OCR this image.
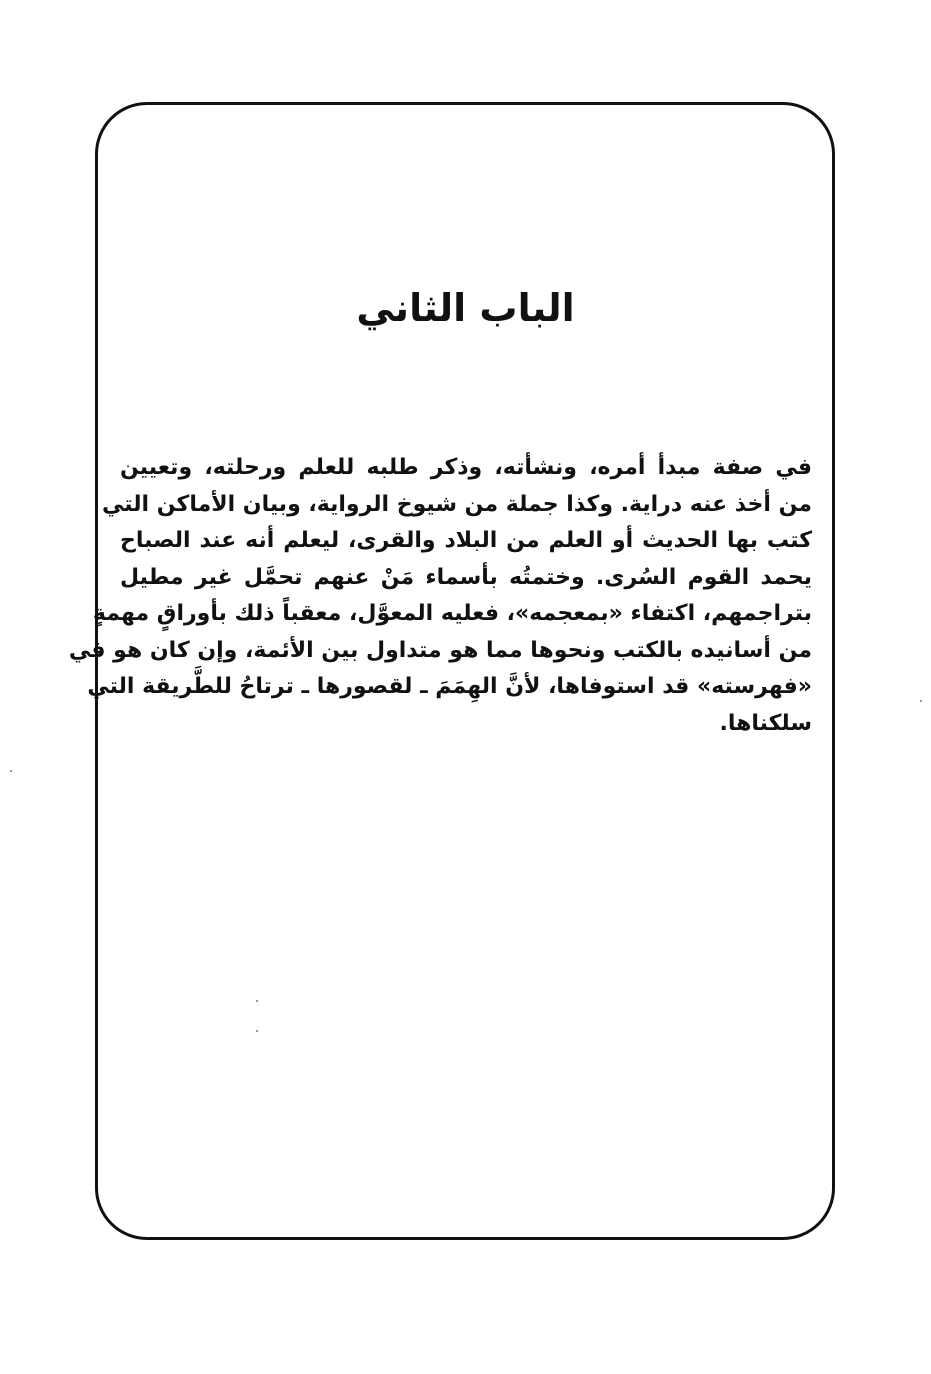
الباب الثاني
في صفة مبدأ أمره، ونشأته، وذكر طلبه للعلم ورحلته، وتعيين
من أخذ عنه دراية. وكذا جملة من شيوخ الرواية، وبيان الأماكن التي
كتب بها الحديث أو العلم من البلاد والقرى، ليعلم أنه عند الصباح
يحمد القوم السُرى. وختمتُه بأسماء مَنْ عنهم تحمَّل غير مطيل
بتراجمهم، اكتفاء «بمعجمه»، فعليه المعوَّل، معقباً ذلك بأوراقٍ مهمةٍ
من أسانيده بالكتب ونحوها مما هو متداول بين الأئمة، وإن كان هو في
«فهرسته» قد استوفاها، لأنَّ الهِمَمَ ـ لقصورها ـ ترتاحُ للطَّريقة التي
سلكناها.
